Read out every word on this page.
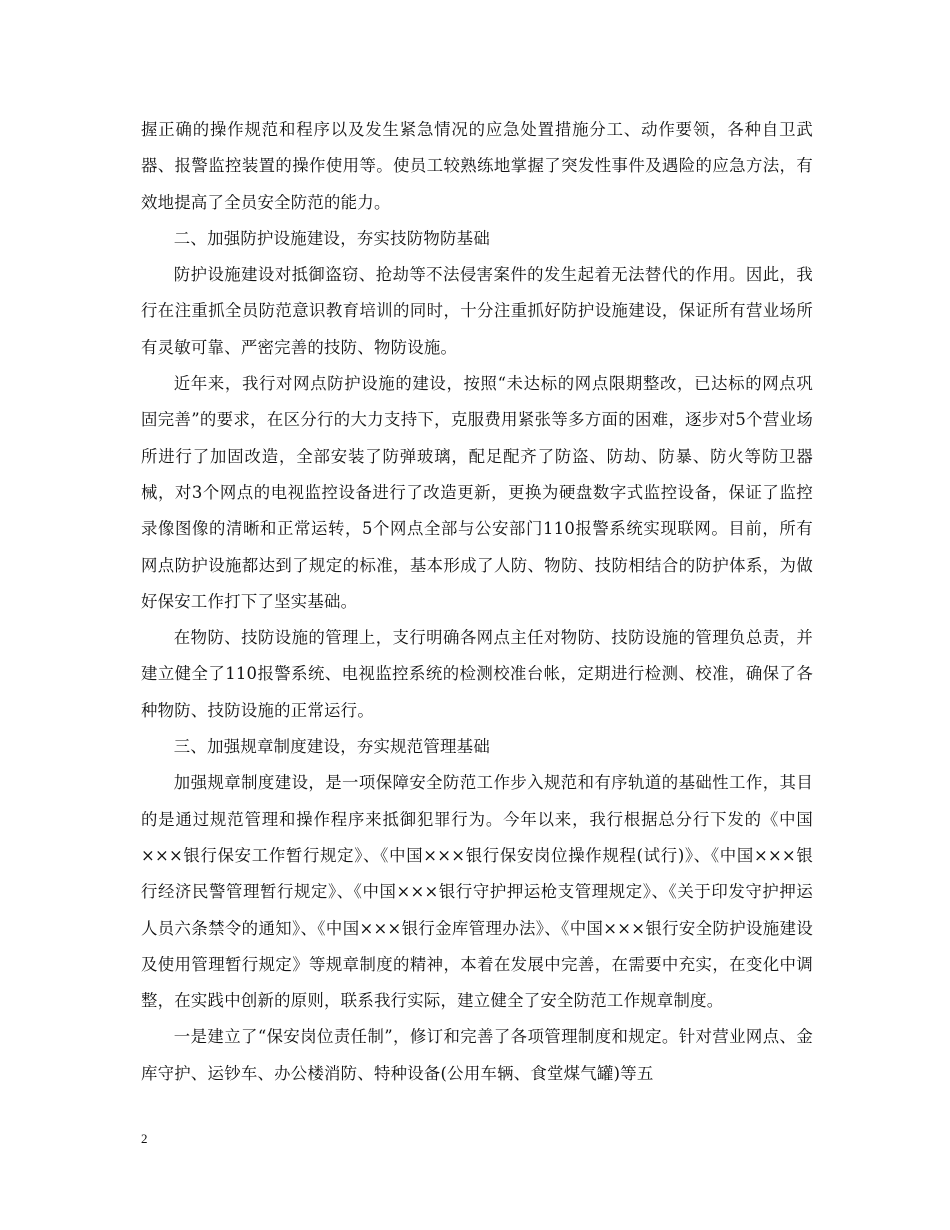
握正确的操作规范和程序以及发生紧急情况的应急处置措施分工、动作要领，各种自卫武器、报警监控装置的操作使用等。使员工较熟练地掌握了突发性事件及遇险的应急方法，有效地提高了全员安全防范的能力。

二、加强防护设施建设，夯实技防物防基础

防护设施建设对抵御盗窃、抢劫等不法侵害案件的发生起着无法替代的作用。因此，我行在注重抓全员防范意识教育培训的同时，十分注重抓好防护设施建设，保证所有营业场所有灵敏可靠、严密完善的技防、物防设施。

近年来，我行对网点防护设施的建设，按照“未达标的网点限期整改，已达标的网点巩固完善”的要求，在区分行的大力支持下，克服费用紧张等多方面的困难，逐步对5个营业场所进行了加固改造，全部安装了防弹玻璃，配足配齐了防盗、防劫、防暴、防火等防卫器械，对3个网点的电视监控设备进行了改造更新，更换为硬盘数字式监控设备，保证了监控录像图像的清晰和正常运转，5个网点全部与公安部门110报警系统实现联网。目前，所有网点防护设施都达到了规定的标准，基本形成了人防、物防、技防相结合的防护体系，为做好保安工作打下了坚实基础。

在物防、技防设施的管理上，支行明确各网点主任对物防、技防设施的管理负总责，并建立健全了110报警系统、电视监控系统的检测校准台帐，定期进行检测、校准，确保了各种物防、技防设施的正常运行。

三、加强规章制度建设，夯实规范管理基础

加强规章制度建设，是一项保障安全防范工作步入规范和有序轨道的基础性工作，其目的是通过规范管理和操作程序来抵御犯罪行为。今年以来，我行根据总分行下发的《中国×××银行保安工作暂行规定》、《中国×××银行保安岗位操作规程(试行)》、《中国×××银行经济民警管理暂行规定》、《中国×××银行守护押运枪支管理规定》、《关于印发守护押运人员六条禁令的通知》、《中国×××银行金库管理办法》、《中国×××银行安全防护设施建设及使用管理暂行规定》等规章制度的精神，本着在发展中完善，在需要中充实，在变化中调整，在实践中创新的原则，联系我行实际，建立健全了安全防范工作规章制度。

一是建立了“保安岗位责任制”，修订和完善了各项管理制度和规定。针对营业网点、金库守护、运钞车、办公楼消防、特种设备(公用车辆、食堂煤气罐)等五

2
